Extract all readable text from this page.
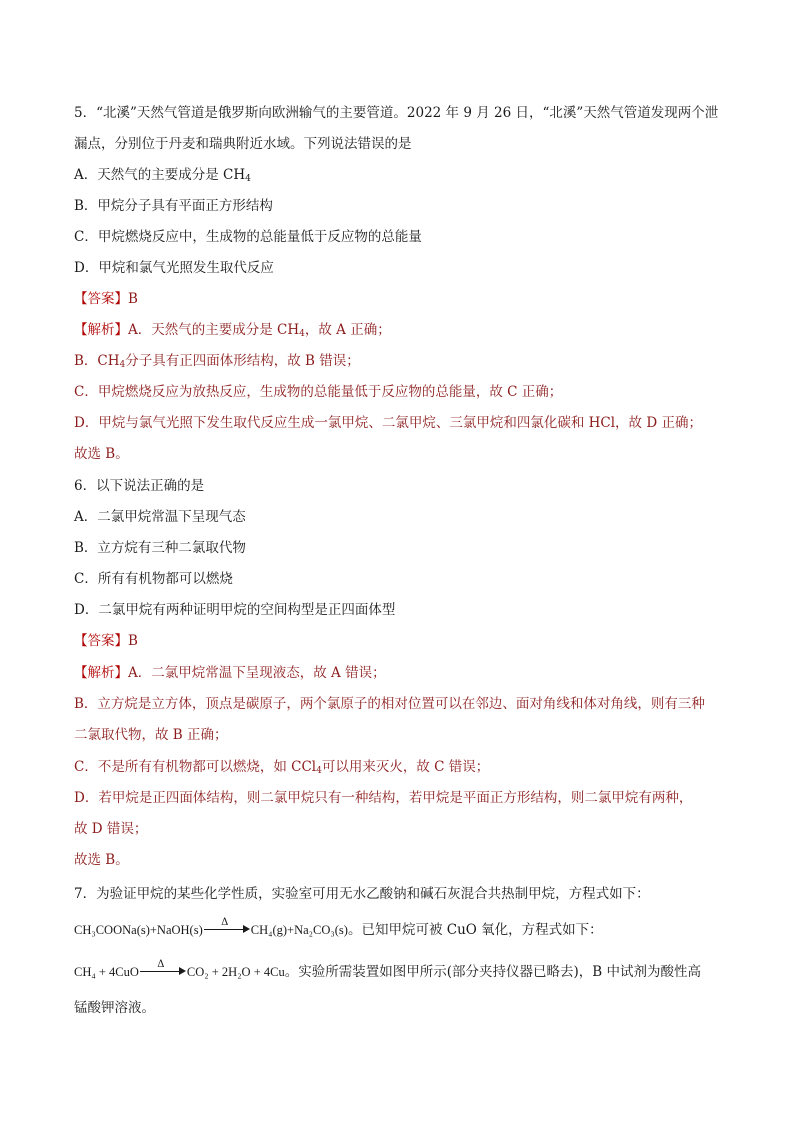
5．“北溪”天然气管道是俄罗斯向欧洲输气的主要管道。2022 年 9 月 26 日，“北溪”天然气管道发现两个泄
漏点，分别位于丹麦和瑞典附近水域。下列说法错误的是
A．天然气的主要成分是 $CH_4$
B．甲烷分子具有平面正方形结构
C．甲烷燃烧反应中，生成物的总能量低于反应物的总能量
D．甲烷和氯气光照发生取代反应
【答案】B
【解析】A．天然气的主要成分是 $CH_4$，故 A 正确；
B．$CH_4$分子具有正四面体形结构，故 B 错误；
C．甲烷燃烧反应为放热反应，生成物的总能量低于反应物的总能量，故 C 正确；
D．甲烷与氯气光照下发生取代反应生成一氯甲烷、二氯甲烷、三氯甲烷和四氯化碳和 HCl，故 D 正确；
故选 B。
6．以下说法正确的是
A．二氯甲烷常温下呈现气态
B．立方烷有三种二氯取代物
C．所有有机物都可以燃烧
D．二氯甲烷有两种证明甲烷的空间构型是正四面体型
【答案】B
【解析】A．二氯甲烷常温下呈现液态，故 A 错误；
B．立方烷是立方体，顶点是碳原子，两个氯原子的相对位置可以在邻边、面对角线和体对角线，则有三种
二氯取代物，故 B 正确；
C．不是所有有机物都可以燃烧，如 CCl$_4$可以用来灭火，故 C 错误；
D．若甲烷是正四面体结构，则二氯甲烷只有一种结构，若甲烷是平面正方形结构，则二氯甲烷有两种，
故 D 错误；
故选 B。
7．为验证甲烷的某些化学性质，实验室可用无水乙酸钠和碱石灰混合共热制甲烷，方程式如下：
CH₃COONa(s)+NaOH(s)
Δ
CH₄(g)+Na₂CO₃(s)。已知甲烷可被 CuO 氧化，方程式如下：
CH₄ + 4CuO
Δ
CO₂ + 2H₂O + 4Cu。实验所需装置如图甲所示(部分夹持仪器已略去)，B 中试剂为酸性高
锰酸钾溶液。
